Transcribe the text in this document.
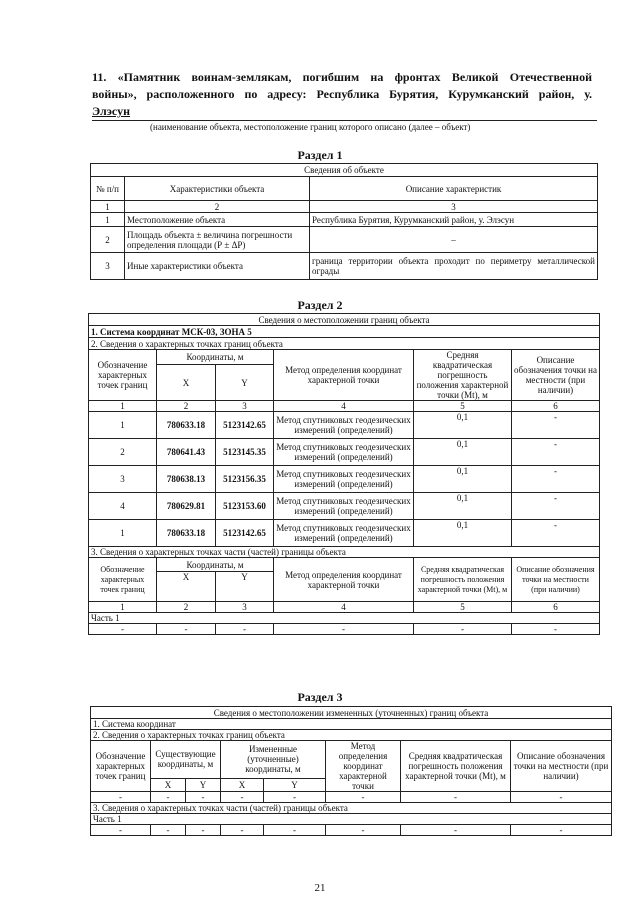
11. «Памятник воинам-землякам, погибшим на фронтах Великой Отечественной
войны», расположенного по адресу: Республика Бурятия, Курумканский район, у.
Элэсун
(наименование объекта, местоположение границ которого описано (далее – объект)
Раздел 1
Сведения об объекте		
№ п/п	Характеристики объекта	Описание характеристик
1	2	3
1	Местоположение объекта	Республика Бурятия, Курумканский район, у. Элэсун
2	Площадь объекта ± величина погрешности определения площади (Р ± ΔР)	–
3	Иные характеристики объекта	граница территории объекта проходит по периметру металлической ограды
Раздел 2
Сведения о местоположении границ объекта					
1. Система координат МСК-03, ЗОНА 5					
2. Сведения о характерных точках границ объекта					
Обозначение характерных точек границ	Координаты, м		Метод определения координат характерной точки	Средняя квадратическая погрешность положения характерной точки (Mt), м	Описание обозначения точки на местности (при наличии)
	X	Y			
1	2	3	4	5	6
1	780633.18	5123142.65	Метод спутниковых геодезических измерений (определений)	0,1	-
2	780641.43	5123145.35	Метод спутниковых геодезических измерений (определений)	0,1	-
3	780638.13	5123156.35	Метод спутниковых геодезических измерений (определений)	0,1	-
4	780629.81	5123153.60	Метод спутниковых геодезических измерений (определений)	0,1	-
1	780633.18	5123142.65	Метод спутниковых геодезических измерений (определений)	0,1	-
3. Сведения о характерных точках части (частей) границы объекта					
Обозначение характерных точек границ	Координаты, м		Метод определения координат характерной точки	Средняя квадратическая погрешность положения характерной точки (Mt), м	Описание обозначения точки на местности (при наличии)
	X	Y			
1	2	3	4	5	6
Часть 1					
-	-	-	-	-	-
Раздел 3
Сведения о местоположении измененных (уточненных) границ объекта							
1. Система координат							
2. Сведения о характерных точках границ объекта							
Обозначение характерных точек границ	Существующие координаты, м		Измененные (уточненные) координаты, м		Метод определения координат характерной точки	Средняя квадратическая погрешность положения характерной точки (Mt), м	Описание обозначения точки на местности (при наличии)
	X	Y	X	Y			
-	-	-	-	-	-	-	-
3. Сведения о характерных точках части (частей) границы объекта							
Часть 1							
-	-	-	-	-	-	-	-
21
